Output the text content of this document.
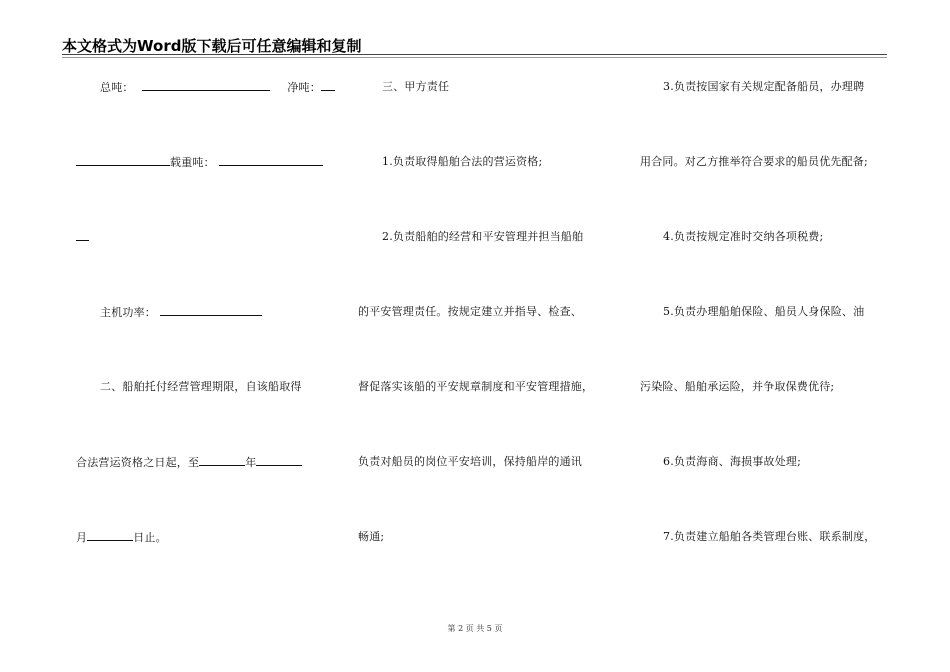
本文格式为Word版下载后可任意编辑和复制
总吨：	净吨：
载重吨：
主机功率：
二、船舶托付经营管理期限，自该船取得
合法营运资格之日起，至	年
月	日止。
三、甲方责任
1.负责取得船舶合法的营运资格;
2.负责船舶的经营和平安管理并担当船舶
的平安管理责任。按规定建立并指导、检查、
督促落实该船的平安规章制度和平安管理措施，
负责对船员的岗位平安培训，保持船岸的通讯
畅通;
3.负责按国家有关规定配备船员，办理聘
用合同。对乙方推举符合要求的船员优先配备;
4.负责按规定准时交纳各项税费;
5.负责办理船舶保险、船员人身保险、油
污染险、船舶承运险，并争取保费优待;
6.负责海商、海损事故处理;
7.负责建立船舶各类管理台账、联系制度，
第 2 页 共 5 页
